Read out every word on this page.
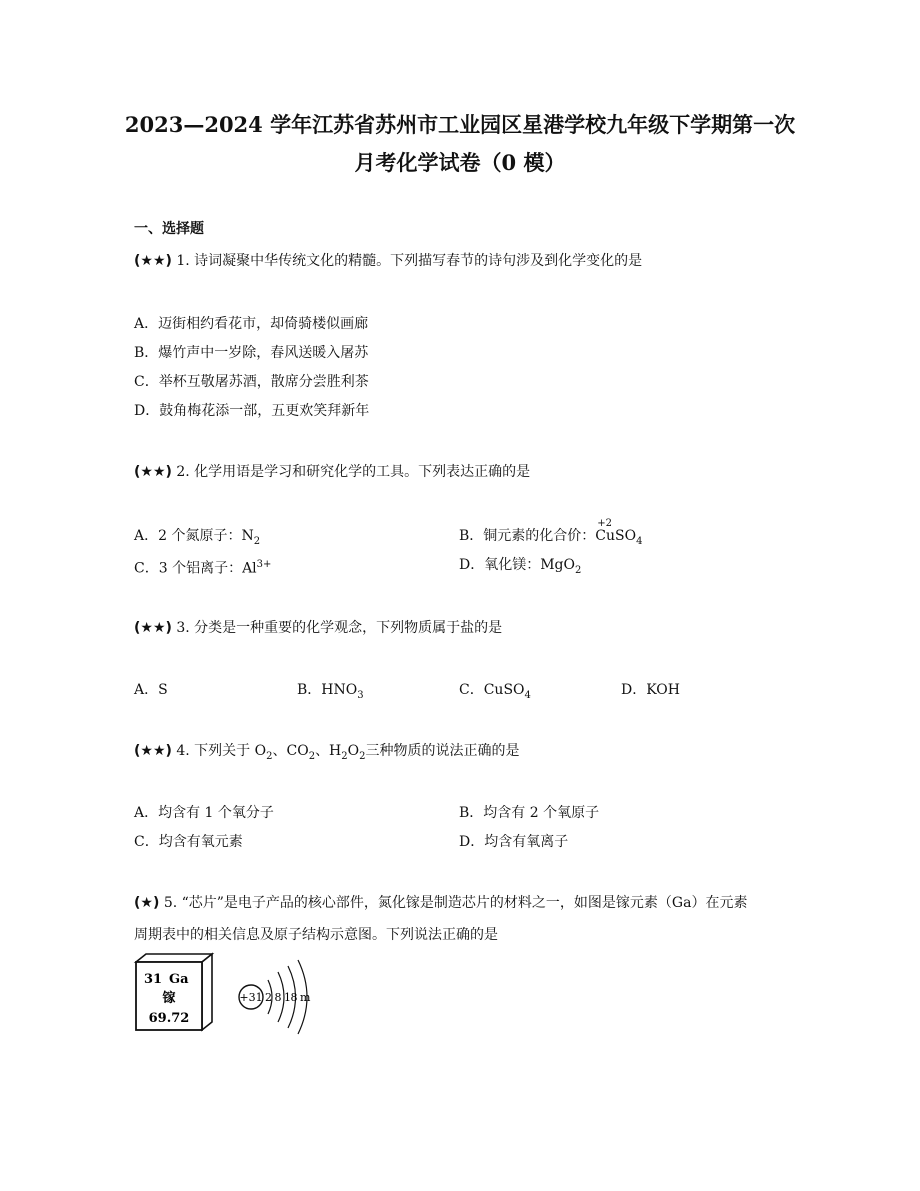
2023—2024 学年江苏省苏州市工业园区星港学校九年级下学期第一次
月考化学试卷（0 模）
一、选择题
(★★) 1. 诗词凝聚中华传统文化的精髓。下列描写春节的诗句涉及到化学变化的是
A．迈街相约看花市，却倚骑楼似画廊
B．爆竹声中一岁除，春风送暖入屠苏
C．举杯互敬屠苏酒，散席分尝胜利茶
D．鼓角梅花添一部，五更欢笑拜新年
(★★) 2. 化学用语是学习和研究化学的工具。下列表达正确的是
A．2 个氮原子：$N_2$	B．铜元素的化合价：
+2
CuSO$_4$
C．3 个铝离子：$Al^{3+}$	D．氧化镁：MgO$_2$
(★★) 3. 分类是一种重要的化学观念，下列物质属于盐的是
A．S	B．$HNO_3$	C．CuSO$_4$	D．KOH
(★★) 4. 下列关于 $O_2$、$CO_2$、$H_2O_2$三种物质的说法正确的是
A．均含有 1 个氧分子	B．均含有 2 个氧原子
C．均含有氧元素	D．均含有氧离子
(★) 5. “芯片”是电子产品的核心部件，氮化镓是制造芯片的材料之一，如图是镓元素（Ga）在元素
周期表中的相关信息及原子结构示意图。下列说法正确的是
31 Ga
镓
69.72
+31 2 8 18 m
